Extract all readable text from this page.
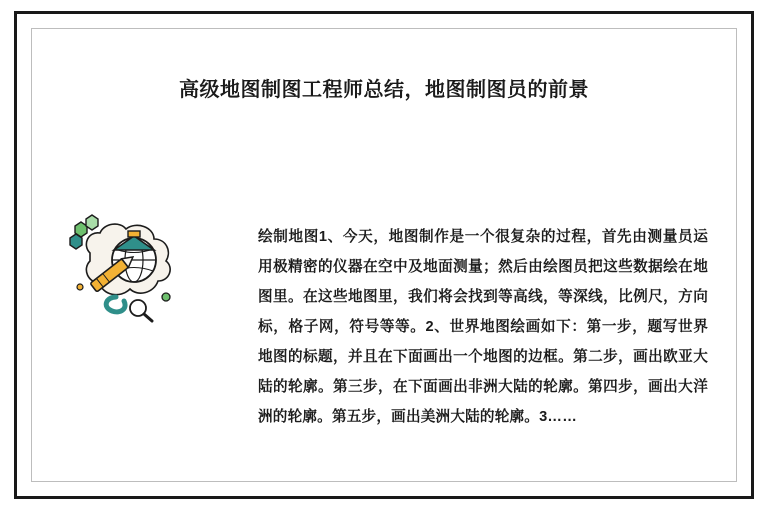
高级地图制图工程师总结，地图制图员的前景
绘制地图1、今天，地图制作是一个很复杂的过程，首先由测量员运用极精密的仪器在空中及地面测量；然后由绘图员把这些数据绘在地图里。在这些地图里，我们将会找到等高线，等深线，比例尺，方向标，格子网，符号等等。2、世界地图绘画如下：第一步，题写世界地图的标题，并且在下面画出一个地图的边框。第二步，画出欧亚大陆的轮廓。第三步，在下面画出非洲大陆的轮廓。第四步，画出大洋洲的轮廓。第五步，画出美洲大陆的轮廓。3……
